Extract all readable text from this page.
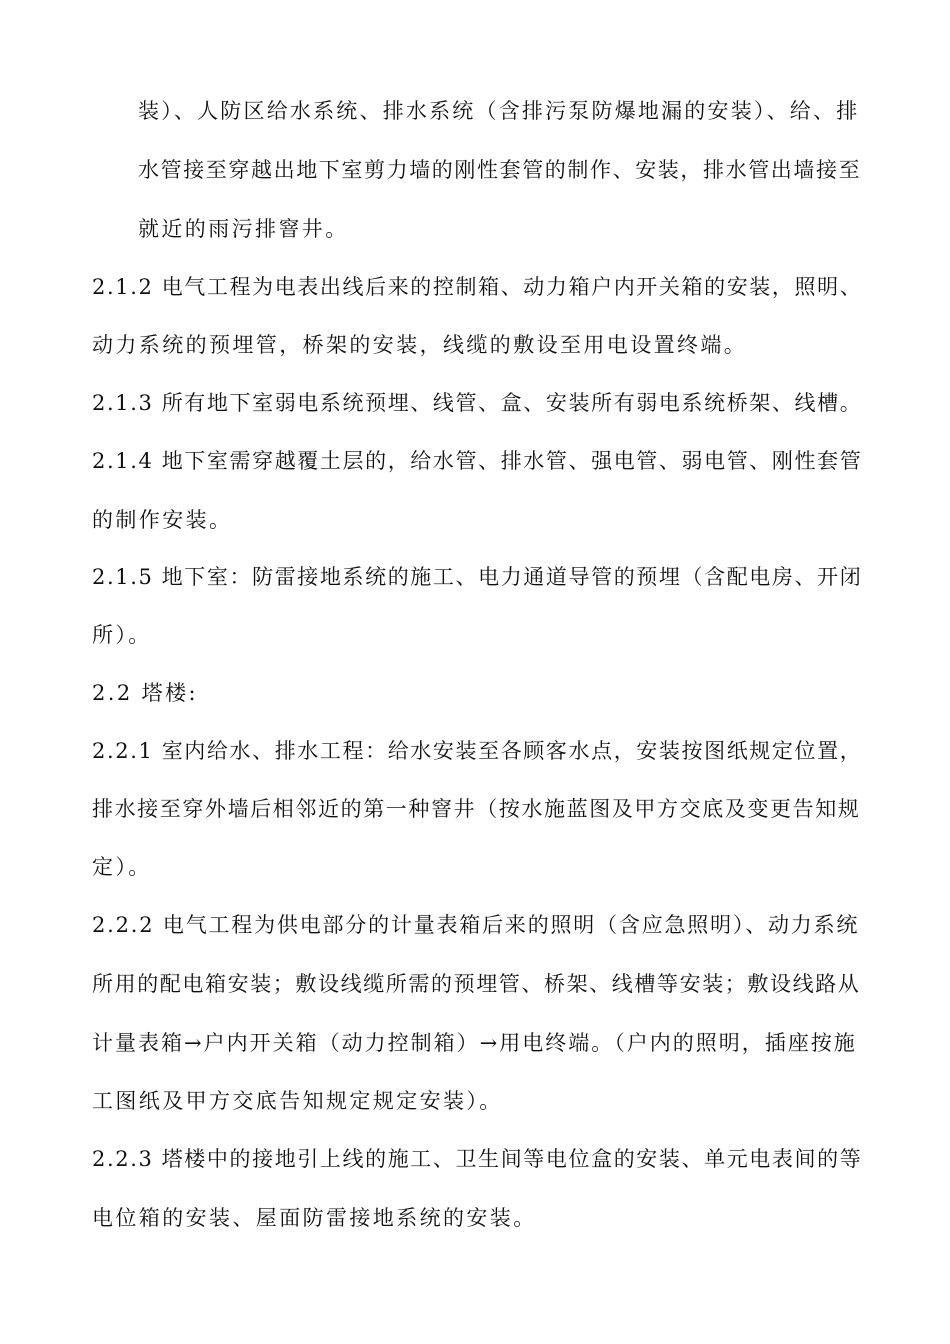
装）、人防区给水系统、排水系统（含排污泵防爆地漏的安装）、给、排
水管接至穿越出地下室剪力墙的刚性套管的制作、安装，排水管出墙接至
就近的雨污排窨井。
2.1.2 电气工程为电表出线后来的控制箱、动力箱户内开关箱的安装，照明、
动力系统的预埋管，桥架的安装，线缆的敷设至用电设置终端。
2.1.3 所有地下室弱电系统预埋、线管、盒、安装所有弱电系统桥架、线槽。
2.1.4 地下室需穿越覆土层的，给水管、排水管、强电管、弱电管、刚性套管
的制作安装。
2.1.5 地下室：防雷接地系统的施工、电力通道导管的预埋（含配电房、开闭
所）。
2.2 塔楼:
2.2.1 室内给水、排水工程：给水安装至各顾客水点，安装按图纸规定位置，
排水接至穿外墙后相邻近的第一种窨井（按水施蓝图及甲方交底及变更告知规
定）。
2.2.2 电气工程为供电部分的计量表箱后来的照明（含应急照明）、动力系统
所用的配电箱安装；敷设线缆所需的预埋管、桥架、线槽等安装；敷设线路从
计量表箱→户内开关箱（动力控制箱）→用电终端。（户内的照明，插座按施
工图纸及甲方交底告知规定规定安装）。
2.2.3 塔楼中的接地引上线的施工、卫生间等电位盒的安装、单元电表间的等
电位箱的安装、屋面防雷接地系统的安装。
